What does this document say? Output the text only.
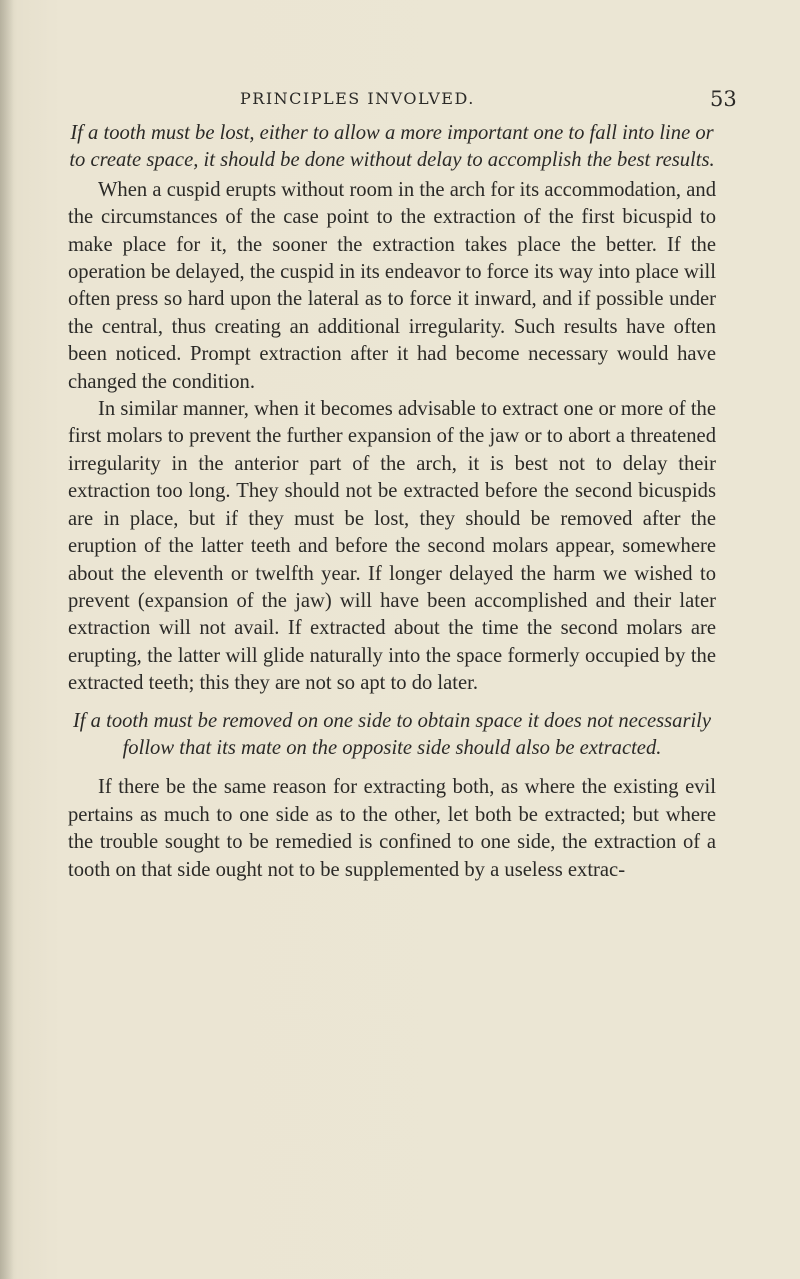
PRINCIPLES INVOLVED.	53

If a tooth must be lost, either to allow a more important one to fall into line or to create space, it should be done without delay to accomplish the best results.

When a cuspid erupts without room in the arch for its accommodation, and the circumstances of the case point to the extraction of the first bicuspid to make place for it, the sooner the extraction takes place the better. If the operation be delayed, the cuspid in its endeavor to force its way into place will often press so hard upon the lateral as to force it inward, and if possible under the central, thus creating an additional irregularity. Such results have often been noticed. Prompt extraction after it had become necessary would have changed the condition.

In similar manner, when it becomes advisable to extract one or more of the first molars to prevent the further expansion of the jaw or to abort a threatened irregularity in the anterior part of the arch, it is best not to delay their extraction too long. They should not be extracted before the second bicuspids are in place, but if they must be lost, they should be removed after the eruption of the latter teeth and before the second molars appear, somewhere about the eleventh or twelfth year. If longer delayed the harm we wished to prevent (expansion of the jaw) will have been accomplished and their later extraction will not avail. If extracted about the time the second molars are erupting, the latter will glide naturally into the space formerly occupied by the extracted teeth; this they are not so apt to do later.

If a tooth must be removed on one side to obtain space it does not necessarily follow that its mate on the opposite side should also be extracted.

If there be the same reason for extracting both, as where the existing evil pertains as much to one side as to the other, let both be extracted; but where the trouble sought to be remedied is confined to one side, the extraction of a tooth on that side ought not to be supplemented by a useless extrac-
